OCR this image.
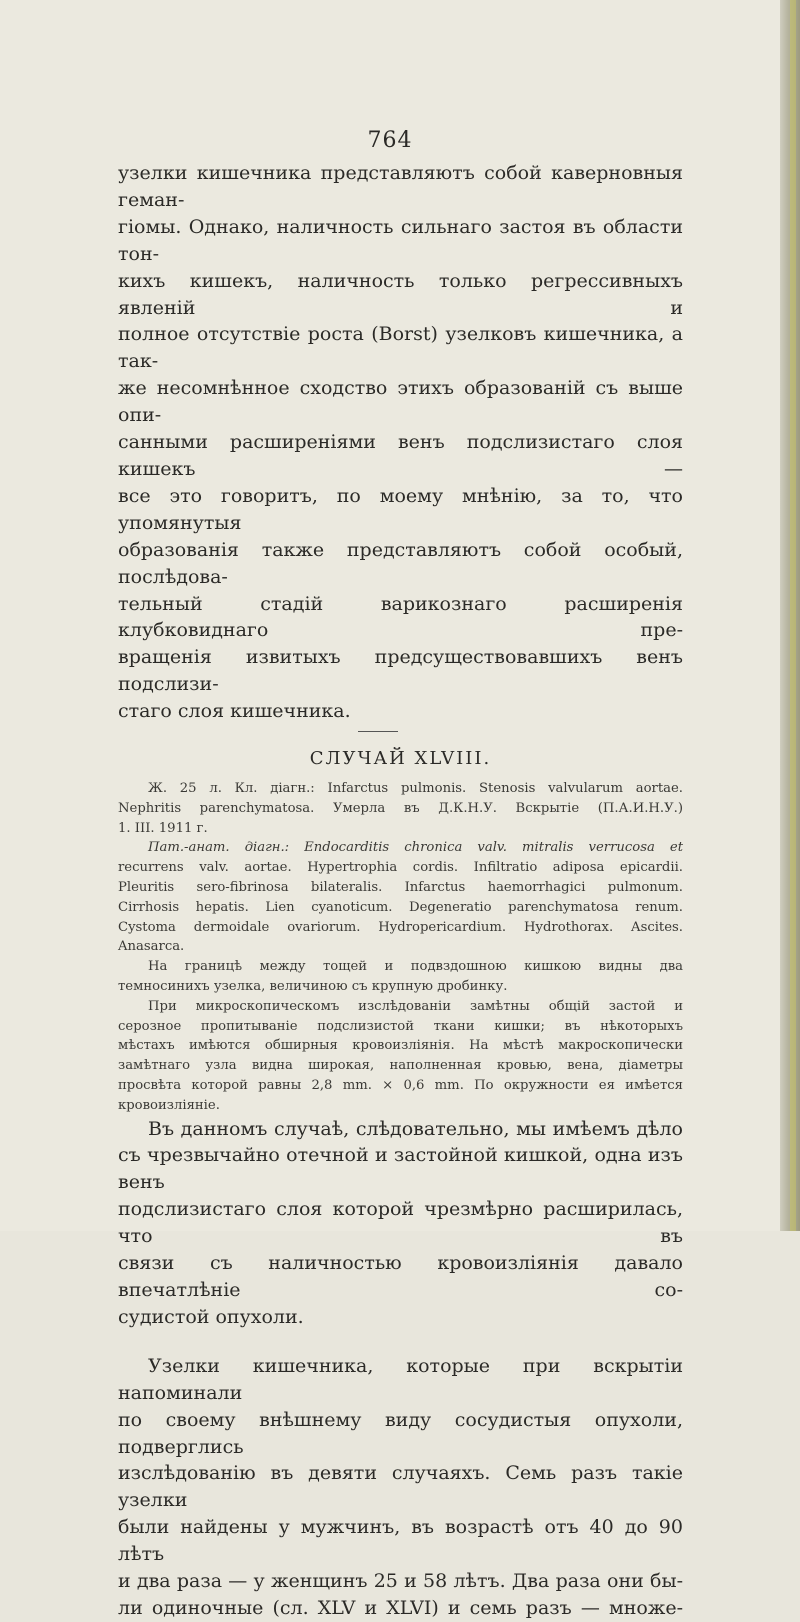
764

узелки кишечника представляютъ собой каверновныя геман-

гіомы. Однако, наличность сильнаго застоя въ области тон-

кихъ кишекъ, наличность только регрессивныхъ явленій и

полное отсутствіе роста (Borst) узелковъ кишечника, а так-

же несомнѣнное сходство этихъ образованій съ выше опи-

санными расширеніями венъ подслизистаго слоя кишекъ —

все это говоритъ, по моему мнѣнію, за то, что упомянутыя

образованія также представляютъ собой особый, послѣдова-

тельный стадій варикознаго расширенія клубковиднаго пре-

вращенія извитыхъ предсуществовавшихъ венъ подслизи-

стаго слоя кишечника.

СЛУЧАЙ XLVIII.

Ж. 25 л. Кл. діагн.: Infarctus pulmonis. Stenosis valvularum aortae.

Nephritis parenchymatosa. Умерла въ Д.К.Н.У. Вскрытіе (П.А.И.Н.У.)

1. III. 1911 г.

Пат.-анат. діагн.: Endocarditis chronica valv. mitralis verrucosa et

recurrens valv. aortae. Hypertrophia cordis. Infiltratio adiposa epicardii.

Pleuritis sero-fibrinosa bilateralis. Infarctus haemorrhagici pulmonum.

Cirrhosis hepatis. Lien cyanoticum. Degeneratio parenchymatosa renum.

Cystoma dermoidale ovariorum. Hydropericardium. Hydrothorax. Ascites.

Anasarca.

На границѣ между тощей и подвздошною кишкою видны два

темносинихъ узелка, величиною съ крупную дробинку.

При микроскопическомъ изслѣдованіи замѣтны общій застой и

серозное пропитываніе подслизистой ткани кишки; въ нѣкоторыхъ

мѣстахъ имѣются обширныя кровоизліянія. На мѣстѣ макроскопически

замѣтнаго узла видна широкая, наполненная кровью, вена, діаметры

просвѣта которой равны 2,8 mm. × 0,6 mm. По окружности ея имѣется

кровоизліяніе.

Въ данномъ случаѣ, слѣдовательно, мы имѣемъ дѣло

съ чрезвычайно отечной и застойной кишкой, одна изъ венъ

подслизистаго слоя которой чрезмѣрно расширилась, что въ

связи съ наличностью кровоизліянія давало впечатлѣніе со-

судистой опухоли.

Узелки кишечника, которые при вскрытіи напоминали

по своему внѣшнему виду сосудистыя опухоли, подверглись

изслѣдованію въ девяти случаяхъ. Семь разъ такіе узелки

были найдены у мужчинъ, въ возрастѣ отъ 40 до 90 лѣтъ

и два раза — у женщинъ 25 и 58 лѣтъ. Два раза они бы-

ли одиночные (сл. XLV и XLVI) и семь разъ — множе-
